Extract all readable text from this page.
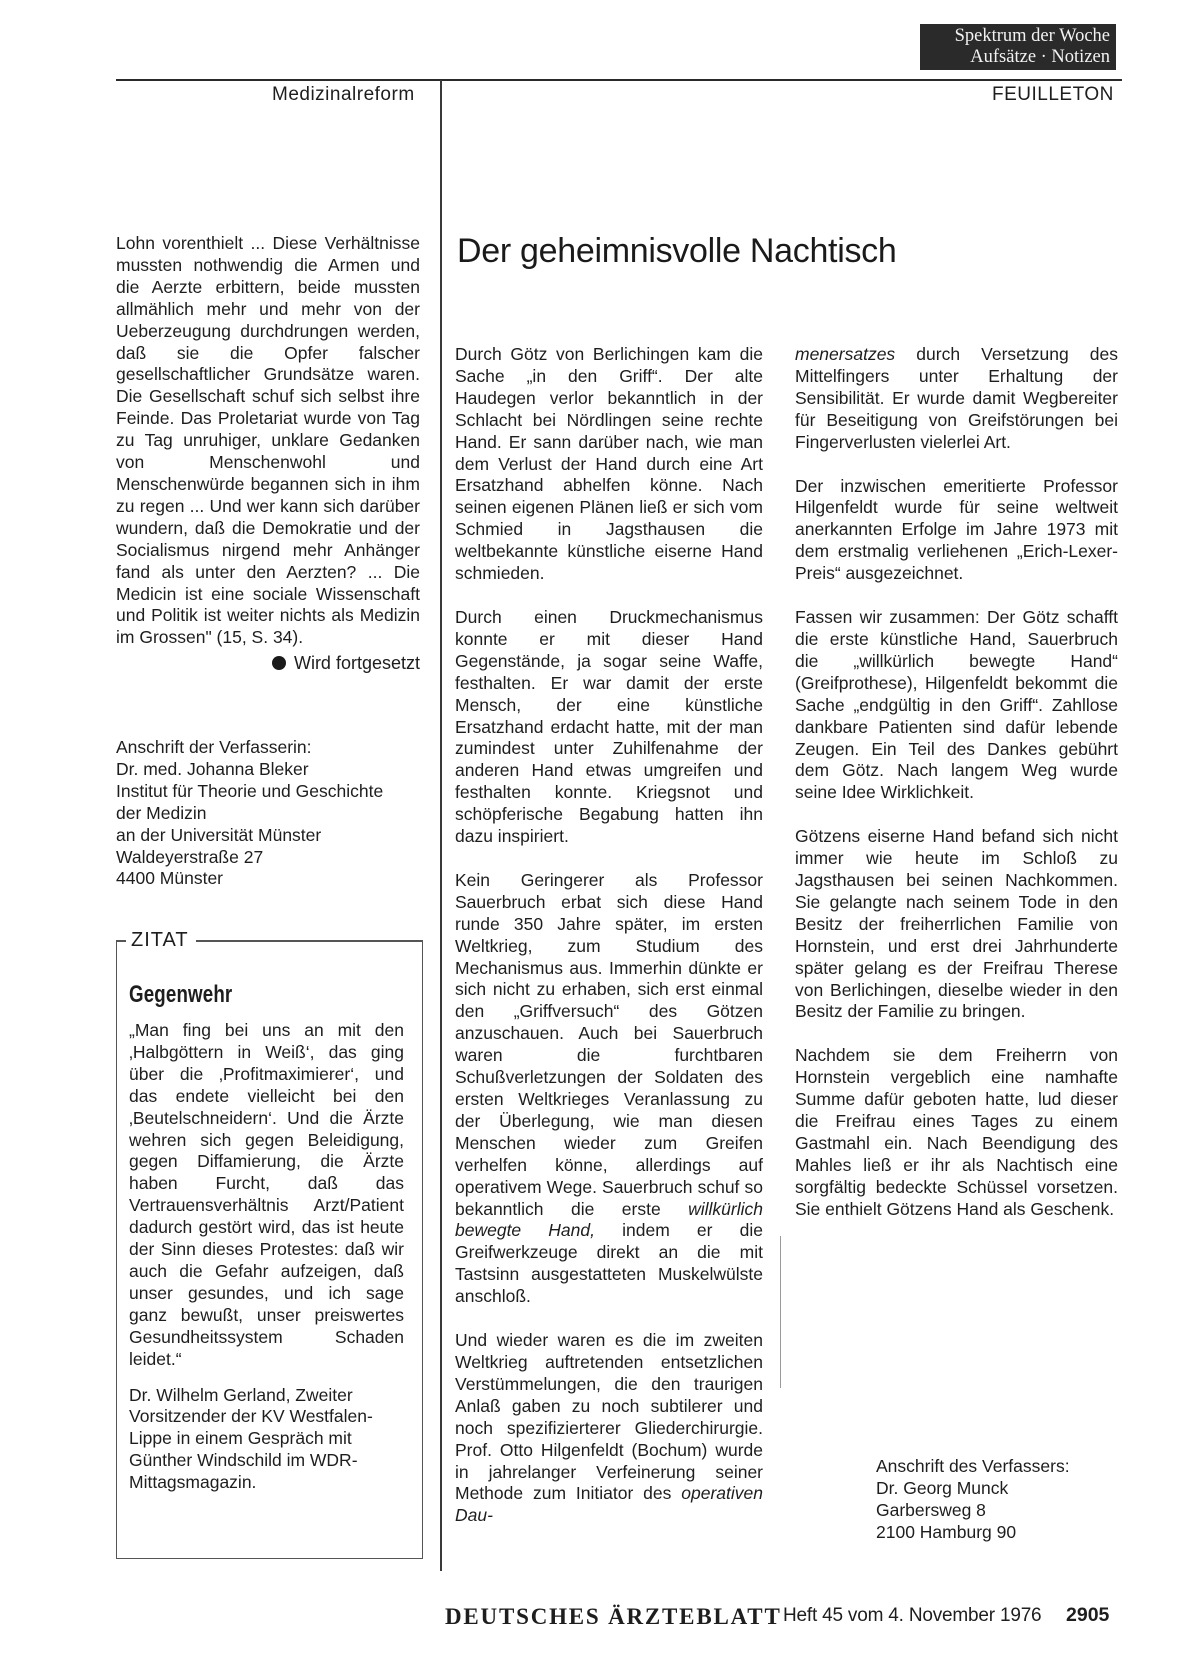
Spektrum der Woche
Aufsätze · Notizen
Medizinalreform	FEUILLETON

Lohn vorenthielt ... Diese Verhältnisse mussten nothwendig die Armen und die Aerzte erbittern, beide mussten allmählich mehr und mehr von der Ueberzeugung durchdrungen werden, daß sie die Opfer falscher gesellschaftlicher Grundsätze waren. Die Gesellschaft schuf sich selbst ihre Feinde. Das Proletariat wurde von Tag zu Tag unruhiger, unklare Gedanken von Menschenwohl und Menschenwürde begannen sich in ihm zu regen ... Und wer kann sich darüber wundern, daß die Demokratie und der Socialismus nirgend mehr Anhänger fand als unter den Aerzten? ... Die Medicin ist eine sociale Wissenschaft und Politik ist weiter nichts als Medizin im Grossen" (15, S. 34).

Wird fortgesetzt
Anschrift der Verfasserin:
Dr. med. Johanna Bleker
Institut für Theorie und Geschichte
der Medizin
an der Universität Münster
Waldeyerstraße 27
4400 Münster
ZITAT
Gegenwehr

„Man fing bei uns an mit den ‚Halbgöttern in Weiß‘, das ging über die ‚Profitmaximierer‘, und das endete vielleicht bei den ‚Beutelschneidern‘. Und die Ärzte wehren sich gegen Beleidigung, gegen Diffamierung, die Ärzte haben Furcht, daß das Vertrauensverhältnis Arzt/Patient dadurch gestört wird, das ist heute der Sinn dieses Protestes: daß wir auch die Gefahr aufzeigen, daß unser gesundes, und ich sage ganz bewußt, unser preiswertes Gesundheitssystem Schaden leidet.“

Dr. Wilhelm Gerland, Zweiter Vorsitzender der KV Westfalen-Lippe in einem Gespräch mit Günther Windschild im WDR-Mittagsmagazin.

Der geheimnisvolle Nachtisch

Durch Götz von Berlichingen kam die Sache „in den Griff“. Der alte Haudegen verlor bekanntlich in der Schlacht bei Nördlingen seine rechte Hand. Er sann darüber nach, wie man dem Verlust der Hand durch eine Art Ersatzhand abhelfen könne. Nach seinen eigenen Plänen ließ er sich vom Schmied in Jagsthausen die weltbekannte künstliche eiserne Hand schmieden.

Durch einen Druckmechanismus konnte er mit dieser Hand Gegenstände, ja sogar seine Waffe, festhalten. Er war damit der erste Mensch, der eine künstliche Ersatzhand erdacht hatte, mit der man zumindest unter Zuhilfenahme der anderen Hand etwas umgreifen und festhalten konnte. Kriegsnot und schöpferische Begabung hatten ihn dazu inspiriert.

Kein Geringerer als Professor Sauerbruch erbat sich diese Hand runde 350 Jahre später, im ersten Weltkrieg, zum Studium des Mechanismus aus. Immerhin dünkte er sich nicht zu erhaben, sich erst einmal den „Griffversuch“ des Götzen anzuschauen. Auch bei Sauerbruch waren die furchtbaren Schußverletzungen der Soldaten des ersten Weltkrieges Veranlassung zu der Überlegung, wie man diesen Menschen wieder zum Greifen verhelfen könne, allerdings auf operativem Wege. Sauerbruch schuf so bekanntlich die erste willkürlich bewegte Hand, indem er die Greifwerkzeuge direkt an die mit Tastsinn ausgestatteten Muskelwülste anschloß.

Und wieder waren es die im zweiten Weltkrieg auftretenden entsetzlichen Verstümmelungen, die den traurigen Anlaß gaben zu noch subtilerer und noch spezifizierterer Gliederchirurgie. Prof. Otto Hilgenfeldt (Bochum) wurde in jahrelanger Verfeinerung seiner Methode zum Initiator des operativen Dau-

menersatzes durch Versetzung des Mittelfingers unter Erhaltung der Sensibilität. Er wurde damit Wegbereiter für Beseitigung von Greifstörungen bei Fingerverlusten vielerlei Art.

Der inzwischen emeritierte Professor Hilgenfeldt wurde für seine weltweit anerkannten Erfolge im Jahre 1973 mit dem erstmalig verliehenen „Erich-Lexer-Preis“ ausgezeichnet.

Fassen wir zusammen: Der Götz schafft die erste künstliche Hand, Sauerbruch die „willkürlich bewegte Hand“ (Greifprothese), Hilgenfeldt bekommt die Sache „endgültig in den Griff“. Zahllose dankbare Patienten sind dafür lebende Zeugen. Ein Teil des Dankes gebührt dem Götz. Nach langem Weg wurde seine Idee Wirklichkeit.

Götzens eiserne Hand befand sich nicht immer wie heute im Schloß zu Jagsthausen bei seinen Nachkommen. Sie gelangte nach seinem Tode in den Besitz der freiherrlichen Familie von Hornstein, und erst drei Jahrhunderte später gelang es der Freifrau Therese von Berlichingen, dieselbe wieder in den Besitz der Familie zu bringen.

Nachdem sie dem Freiherrn von Hornstein vergeblich eine namhafte Summe dafür geboten hatte, lud dieser die Freifrau eines Tages zu einem Gastmahl ein. Nach Beendigung des Mahles ließ er ihr als Nachtisch eine sorgfältig bedeckte Schüssel vorsetzen. Sie enthielt Götzens Hand als Geschenk.

Anschrift des Verfassers:
Dr. Georg Munck
Garbersweg 8
2100 Hamburg 90
DEUTSCHES ÄRZTEBLATT Heft 45 vom 4. November 1976 2905
